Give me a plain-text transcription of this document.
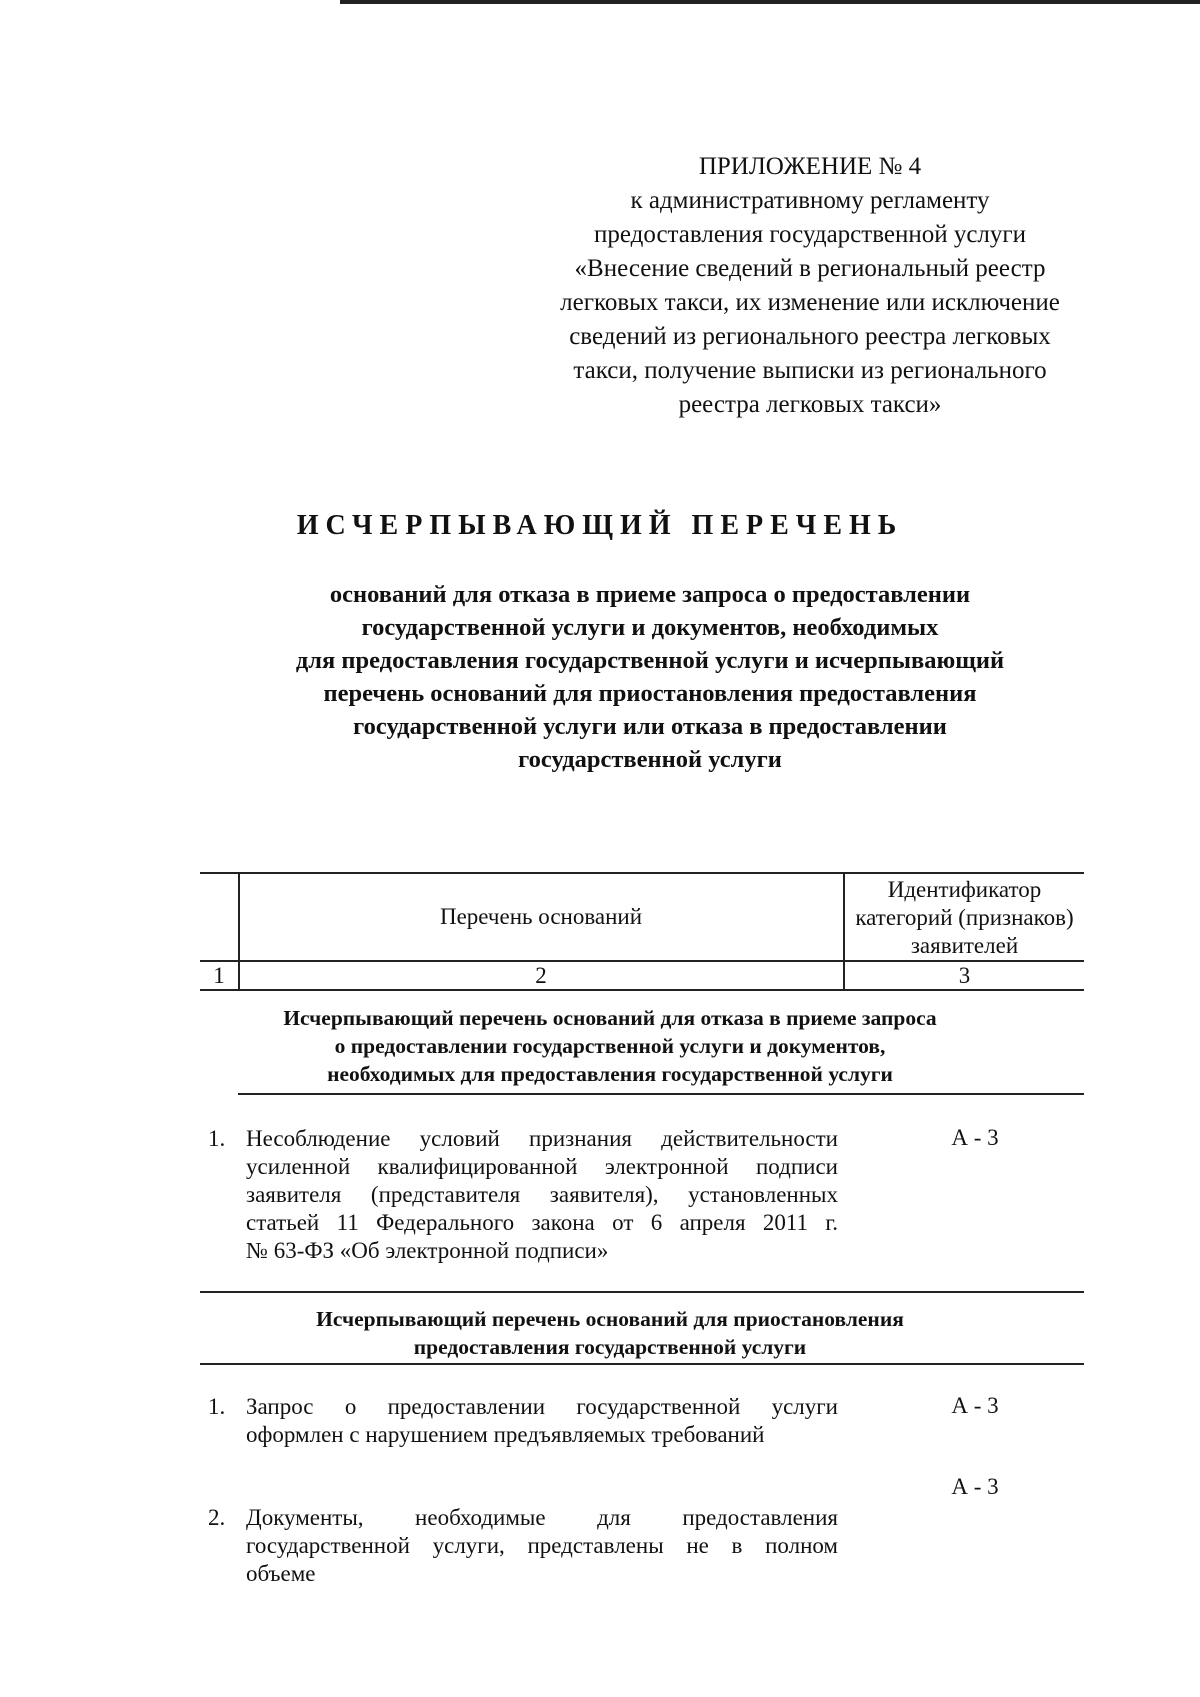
ПРИЛОЖЕНИЕ № 4
к административному регламенту
предоставления государственной услуги
«Внесение сведений в региональный реестр
легковых такси, их изменение или исключение
сведений из регионального реестра легковых
такси, получение выписки из регионального
реестра легковых такси»
ИСЧЕРПЫВАЮЩИЙ ПЕРЕЧЕНЬ
оснований для отказа в приеме запроса о предоставлении
государственной услуги и документов, необходимых
для предоставления государственной услуги и исчерпывающий
перечень оснований для приостановления предоставления
государственной услуги или отказа в предоставлении
государственной услуги
Перечень оснований
Идентификатор
категорий (признаков)
заявителей
1	2	3
Исчерпывающий перечень оснований для отказа в приеме запроса
о предоставлении государственной услуги и документов,
необходимых для предоставления государственной услуги
1. Несоблюдение условий признания действительности
усиленной квалифицированной электронной подписи
заявителя (представителя заявителя), установленных
статьей 11 Федерального закона от 6 апреля 2011 г.
№ 63-ФЗ «Об электронной подписи»
А - 3
Исчерпывающий перечень оснований для приостановления
предоставления государственной услуги
1. Запрос о предоставлении государственной услуги
оформлен с нарушением предъявляемых требований
А - 3
А - 3
2. Документы, необходимые для предоставления
государственной услуги, представлены не в полном
объеме
